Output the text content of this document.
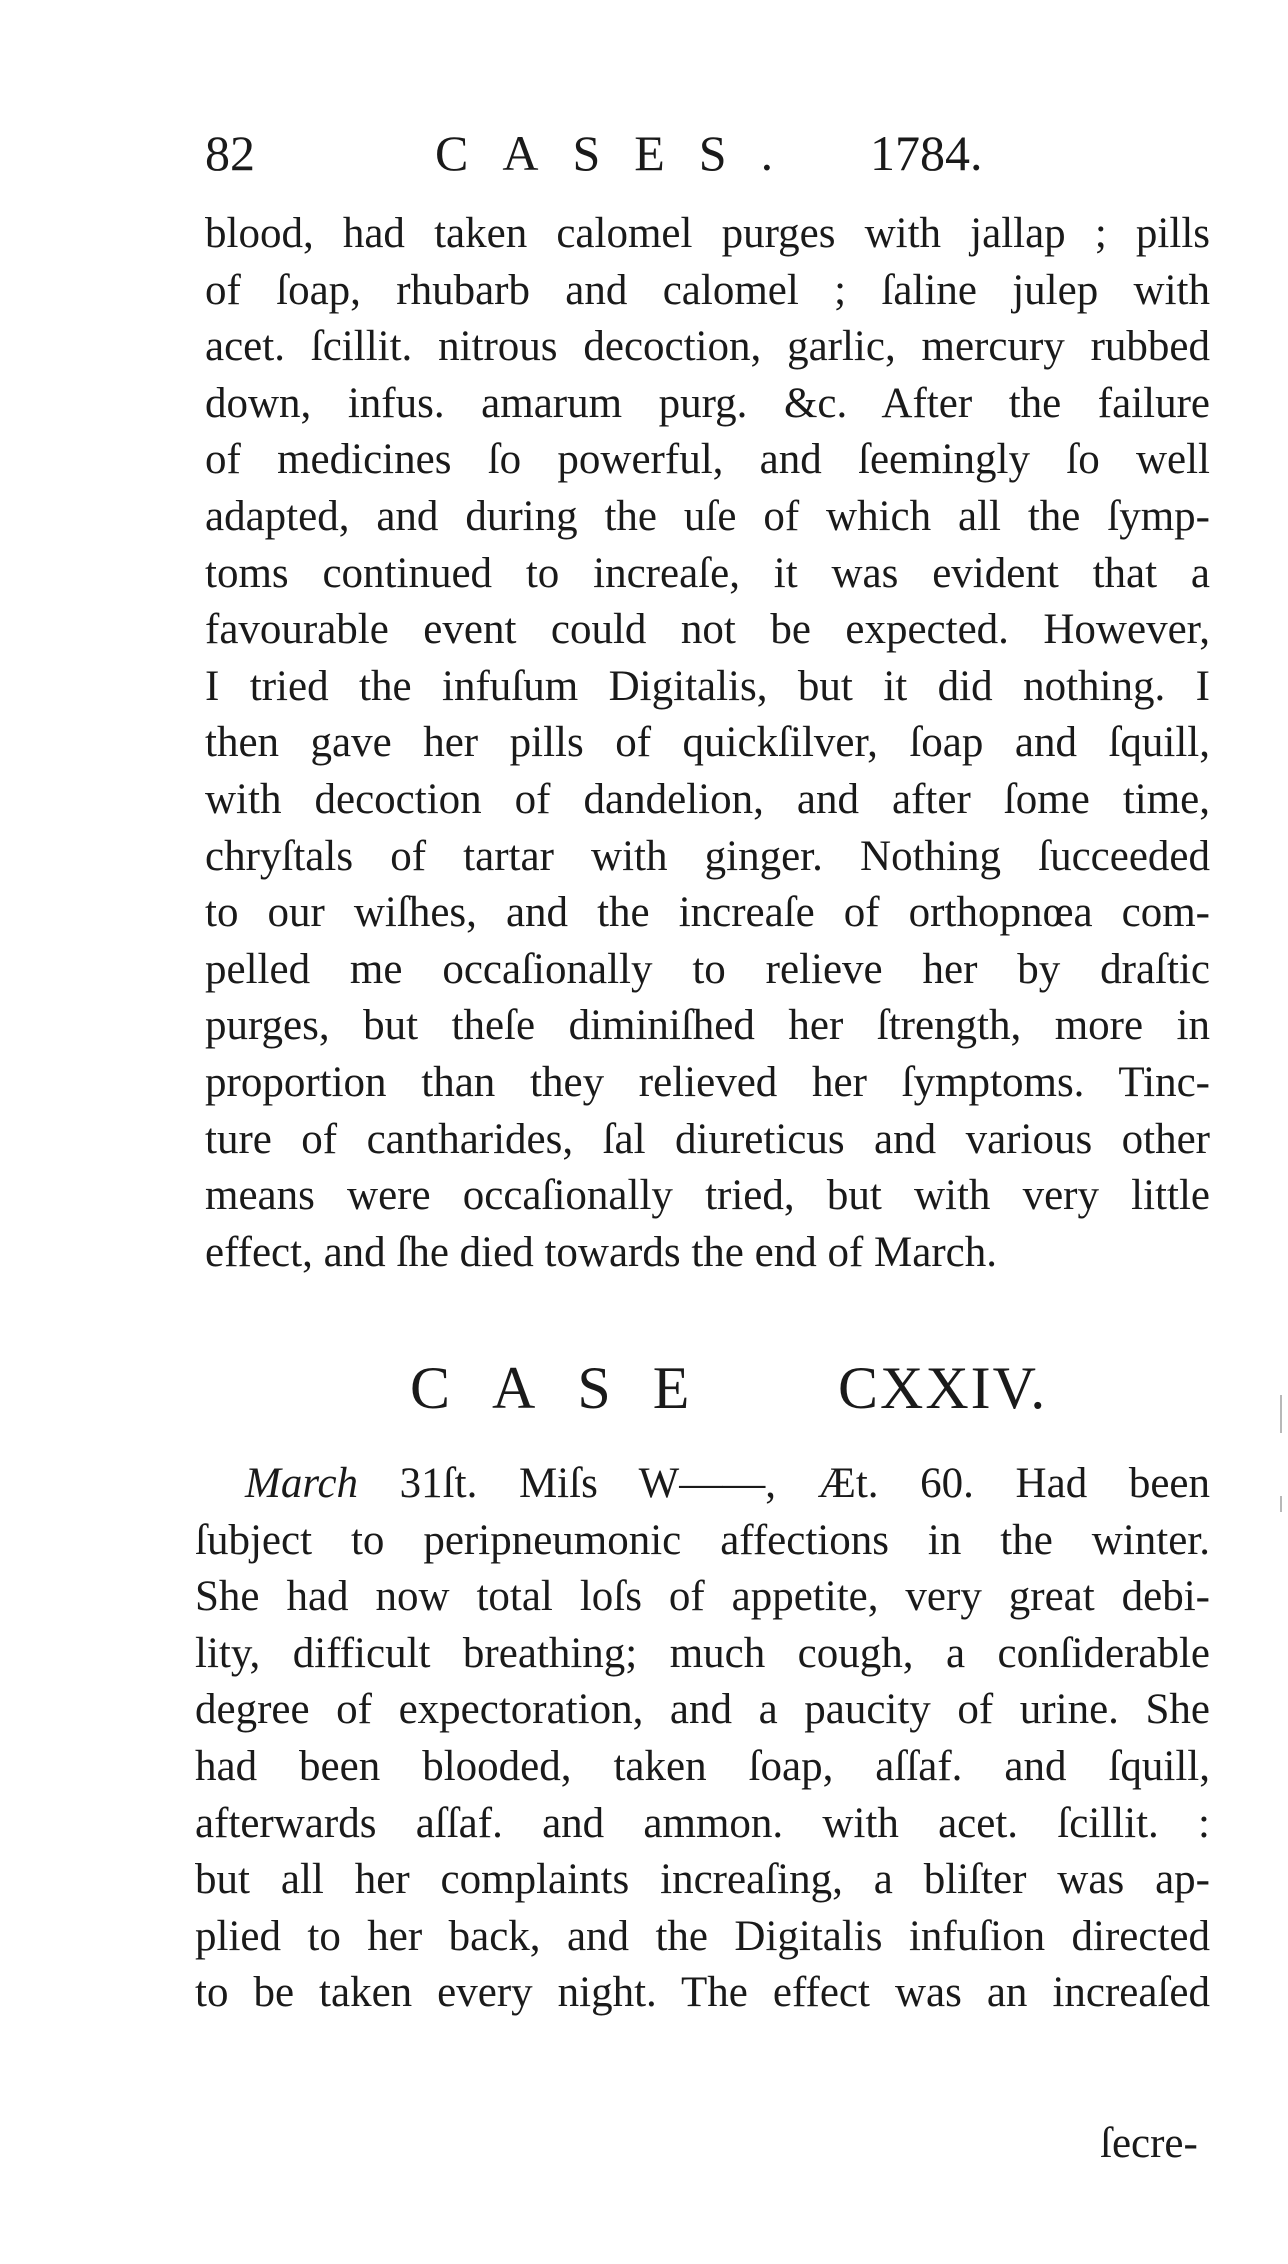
82	CASES. 1784.
blood, had taken calomel purges with jallap ; pills
of ſoap, rhubarb and calomel ; ſaline julep with
acet. ſcillit. nitrous decoction, garlic, mercury rubbed
down, infus. amarum purg. &c. After the failure
of medicines ſo powerful, and ſeemingly ſo well
adapted, and during the uſe of which all the ſymp-
toms continued to increaſe, it was evident that a
favourable event could not be expected. However,
I tried the infuſum Digitalis, but it did nothing. I
then gave her pills of quickſilver, ſoap and ſquill,
with decoction of dandelion, and after ſome time,
chryſtals of tartar with ginger. Nothing ſucceeded
to our wiſhes, and the increaſe of orthopnœa com-
pelled me occaſionally to relieve her by draſtic
purges, but theſe diminiſhed her ſtrength, more in
proportion than they relieved her ſymptoms. Tinc-
ture of cantharides, ſal diureticus and various other
means were occaſionally tried, but with very little
effect, and ſhe died towards the end of March.
CASE CXXIV.
March 31ſt. Miſs W——, Æt. 60. Had been
ſubject to peripneumonic affections in the winter.
She had now total loſs of appetite, very great debi-
lity, difficult breathing; much cough, a conſiderable
degree of expectoration, and a paucity of urine. She
had been blooded, taken ſoap, aſſaf. and ſquill,
afterwards aſſaf. and ammon. with acet. ſcillit. :
but all her complaints increaſing, a bliſter was ap-
plied to her back, and the Digitalis infuſion directed
to be taken every night. The effect was an increaſed
ſecre-
